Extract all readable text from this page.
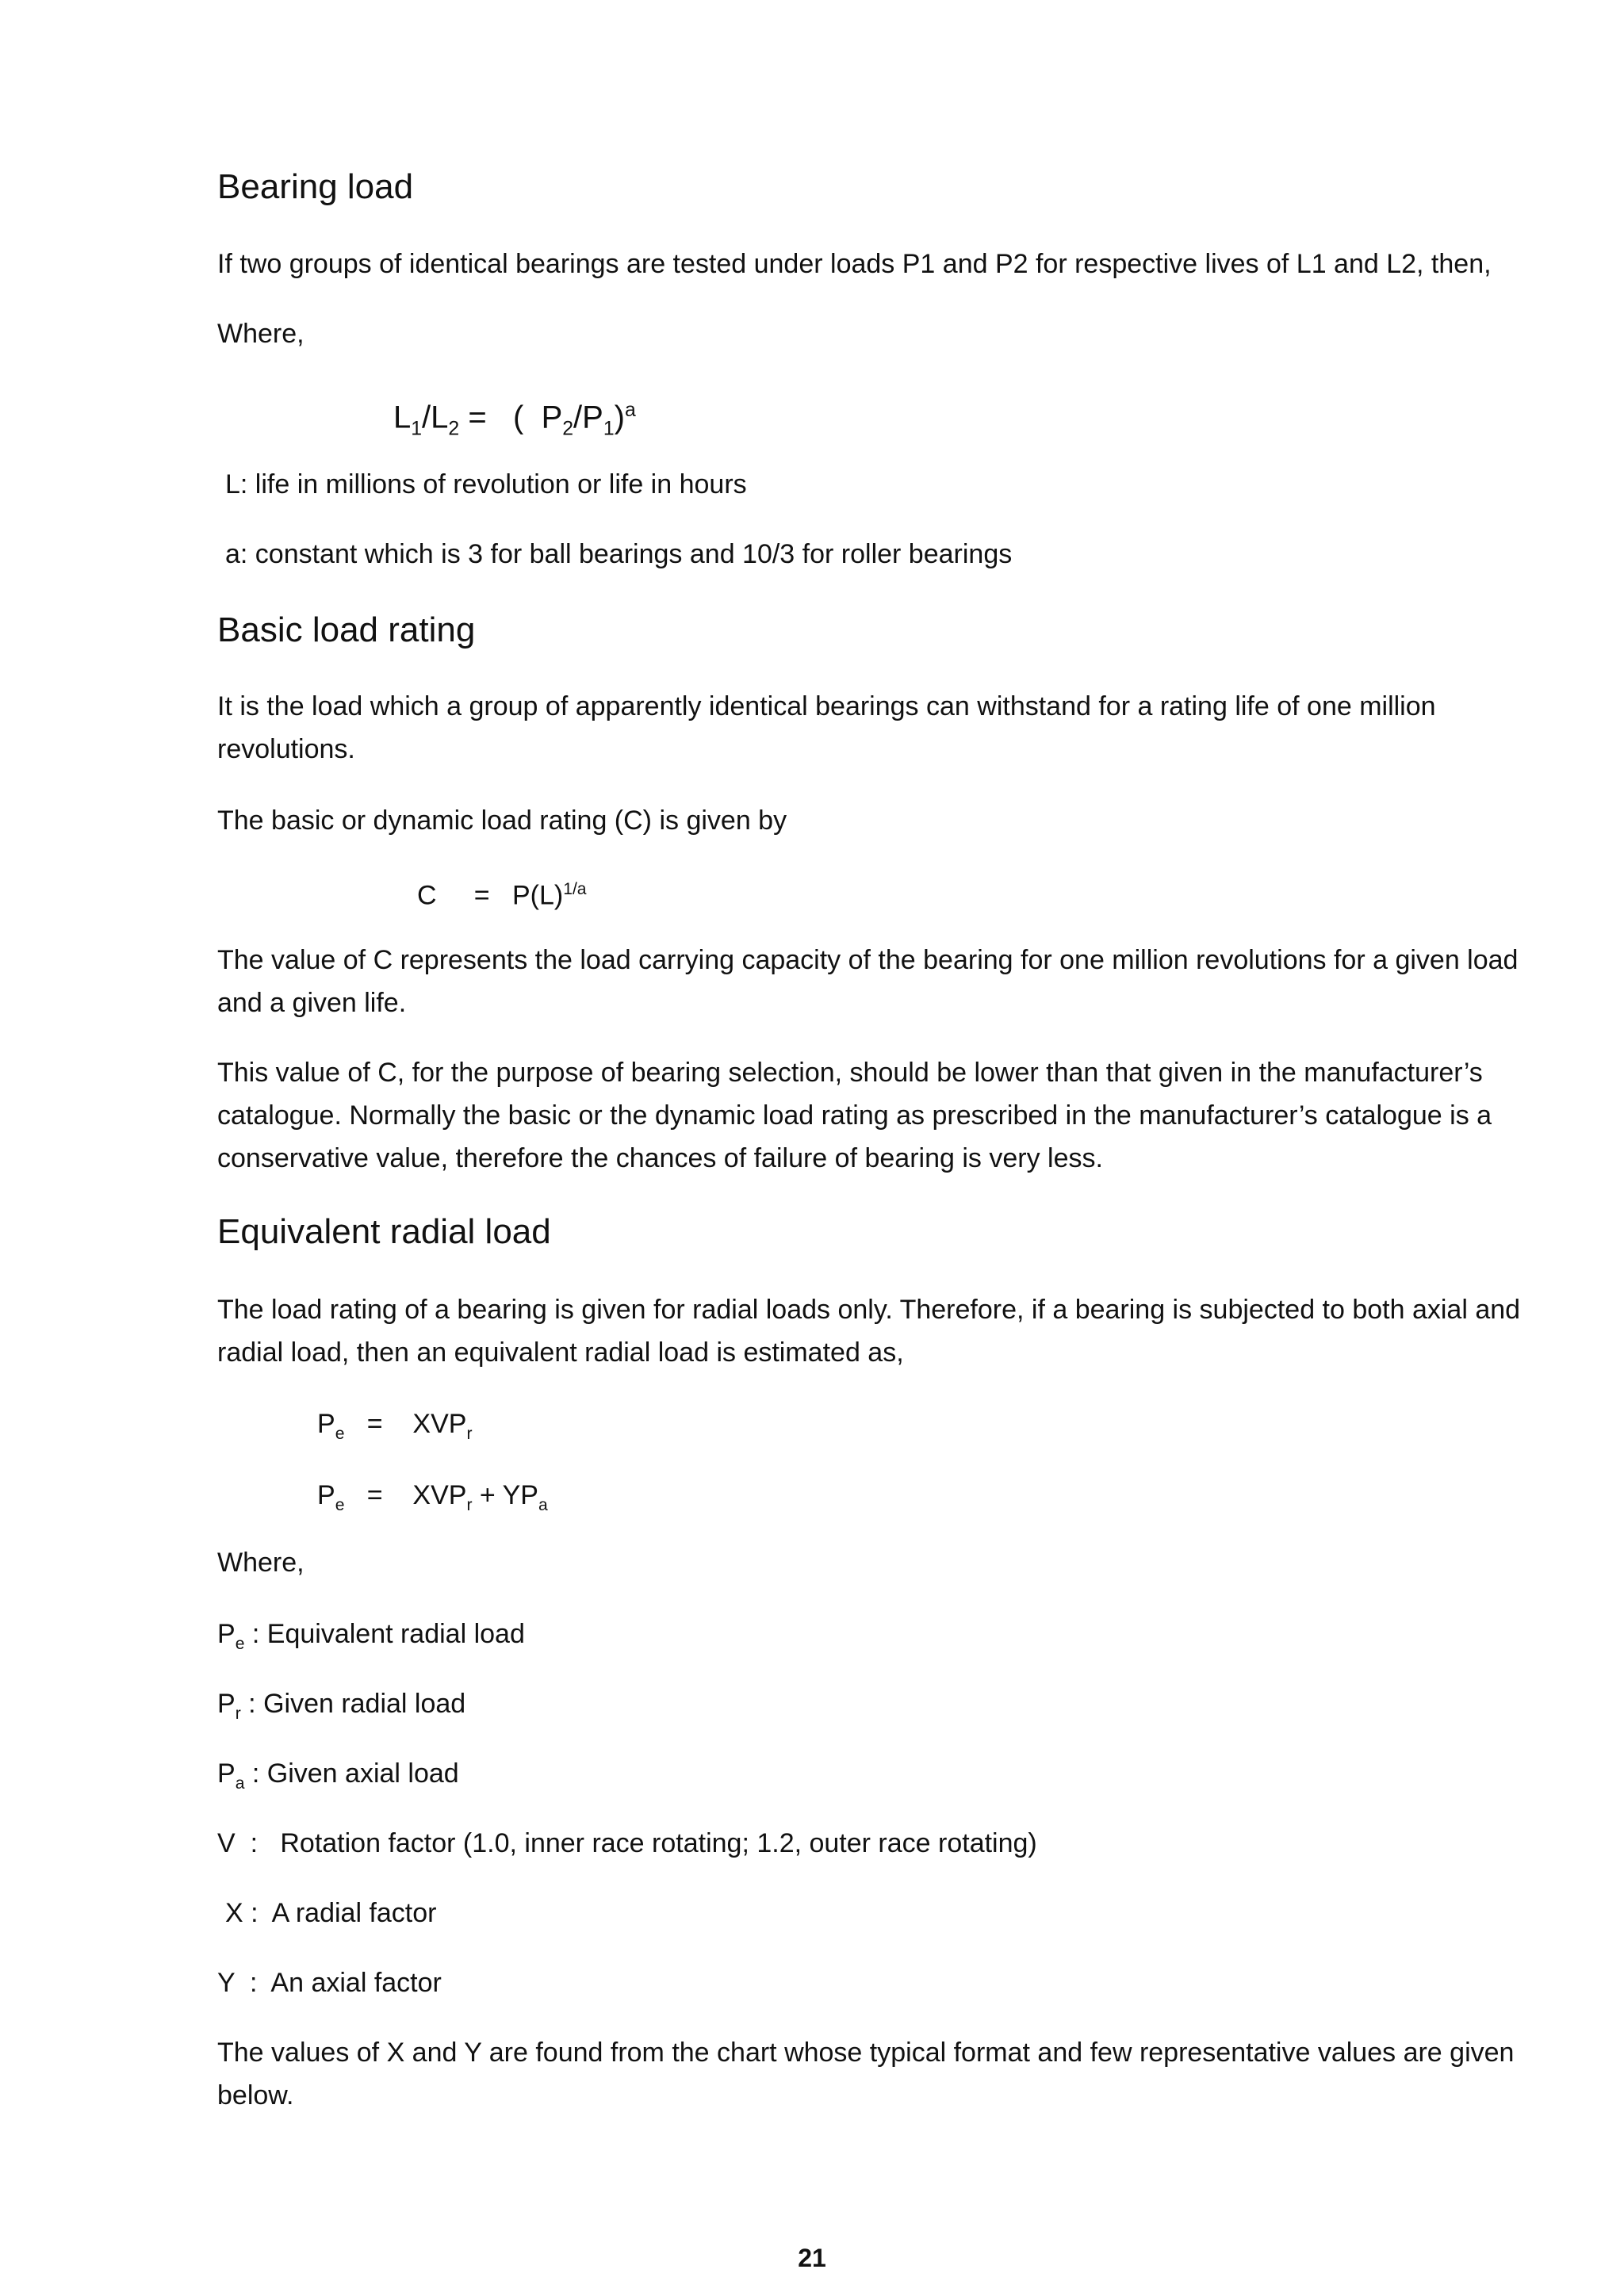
Bearing load

If two groups of identical bearings are tested under loads P1 and P2 for respective lives of L1 and L2, then,

Where,

$L_1/L_2$ =   (  $P_2/P_1)^a$

L: life in millions of revolution or life in hours

a: constant which is 3 for ball bearings and 10/3 for roller bearings

Basic load rating

It is the load which a group of apparently identical bearings can withstand for a rating life of one million revolutions.

The basic or dynamic load rating (C) is given by

C     =   $P(L)^{1/a}$

The value of C represents the load carrying capacity of the bearing for one million revolutions for a given load and a given life.

This value of C, for the purpose of bearing selection, should be lower than that given in the manufacturer’s catalogue. Normally the basic or the dynamic load rating as prescribed in the manufacturer’s catalogue is a conservative value, therefore the chances of failure of bearing is very less.

Equivalent radial load

The load rating of a bearing is given for radial loads only. Therefore, if a bearing is subjected to both axial and radial load, then an equivalent radial load is estimated as,

$P_e$   =    $XVP_r$
$P_e$   =    $XVP_r + YP_a$

Where,

$P_e$ : Equivalent radial load
$P_r$ : Given radial load
$P_a$ : Given axial load
V  :   Rotation factor (1.0, inner race rotating; 1.2, outer race rotating)
X :  A radial factor
Y  :  An axial factor

The values of X and Y are found from the chart whose typical format and few representative values are given below.

21
